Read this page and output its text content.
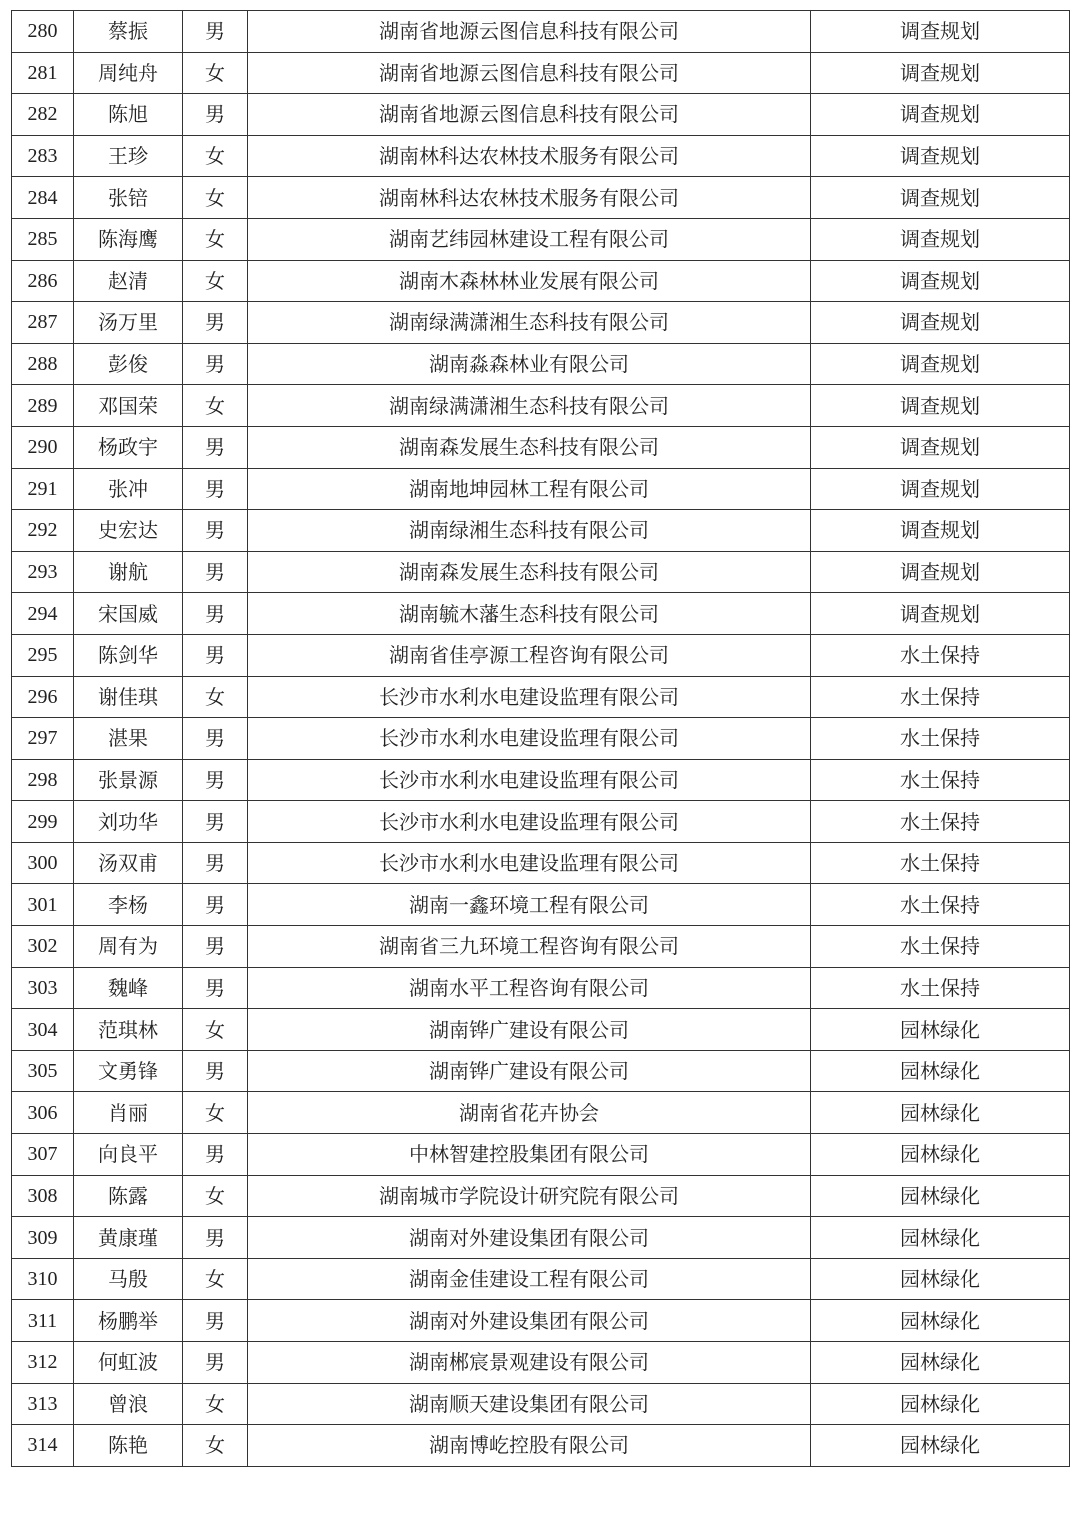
280	蔡振	男	湖南省地源云图信息科技有限公司	调查规划
281	周纯舟	女	湖南省地源云图信息科技有限公司	调查规划
282	陈旭	男	湖南省地源云图信息科技有限公司	调查规划
283	王珍	女	湖南林科达农林技术服务有限公司	调查规划
284	张锫	女	湖南林科达农林技术服务有限公司	调查规划
285	陈海鹰	女	湖南艺纬园林建设工程有限公司	调查规划
286	赵清	女	湖南木森林林业发展有限公司	调查规划
287	汤万里	男	湖南绿满潇湘生态科技有限公司	调查规划
288	彭俊	男	湖南淼森林业有限公司	调查规划
289	邓国荣	女	湖南绿满潇湘生态科技有限公司	调查规划
290	杨政宇	男	湖南森发展生态科技有限公司	调查规划
291	张冲	男	湖南地坤园林工程有限公司	调查规划
292	史宏达	男	湖南绿湘生态科技有限公司	调查规划
293	谢航	男	湖南森发展生态科技有限公司	调查规划
294	宋国威	男	湖南毓木藩生态科技有限公司	调查规划
295	陈剑华	男	湖南省佳亭源工程咨询有限公司	水土保持
296	谢佳琪	女	长沙市水利水电建设监理有限公司	水土保持
297	湛果	男	长沙市水利水电建设监理有限公司	水土保持
298	张景源	男	长沙市水利水电建设监理有限公司	水土保持
299	刘功华	男	长沙市水利水电建设监理有限公司	水土保持
300	汤双甫	男	长沙市水利水电建设监理有限公司	水土保持
301	李杨	男	湖南一鑫环境工程有限公司	水土保持
302	周有为	男	湖南省三九环境工程咨询有限公司	水土保持
303	魏峰	男	湖南水平工程咨询有限公司	水土保持
304	范琪林	女	湖南铧广建设有限公司	园林绿化
305	文勇锋	男	湖南铧广建设有限公司	园林绿化
306	肖丽	女	湖南省花卉协会	园林绿化
307	向良平	男	中林智建控股集团有限公司	园林绿化
308	陈露	女	湖南城市学院设计研究院有限公司	园林绿化
309	黄康瑾	男	湖南对外建设集团有限公司	园林绿化
310	马殷	女	湖南金佳建设工程有限公司	园林绿化
311	杨鹏举	男	湖南对外建设集团有限公司	园林绿化
312	何虹波	男	湖南郴宸景观建设有限公司	园林绿化
313	曾浪	女	湖南顺天建设集团有限公司	园林绿化
314	陈艳	女	湖南博屹控股有限公司	园林绿化
